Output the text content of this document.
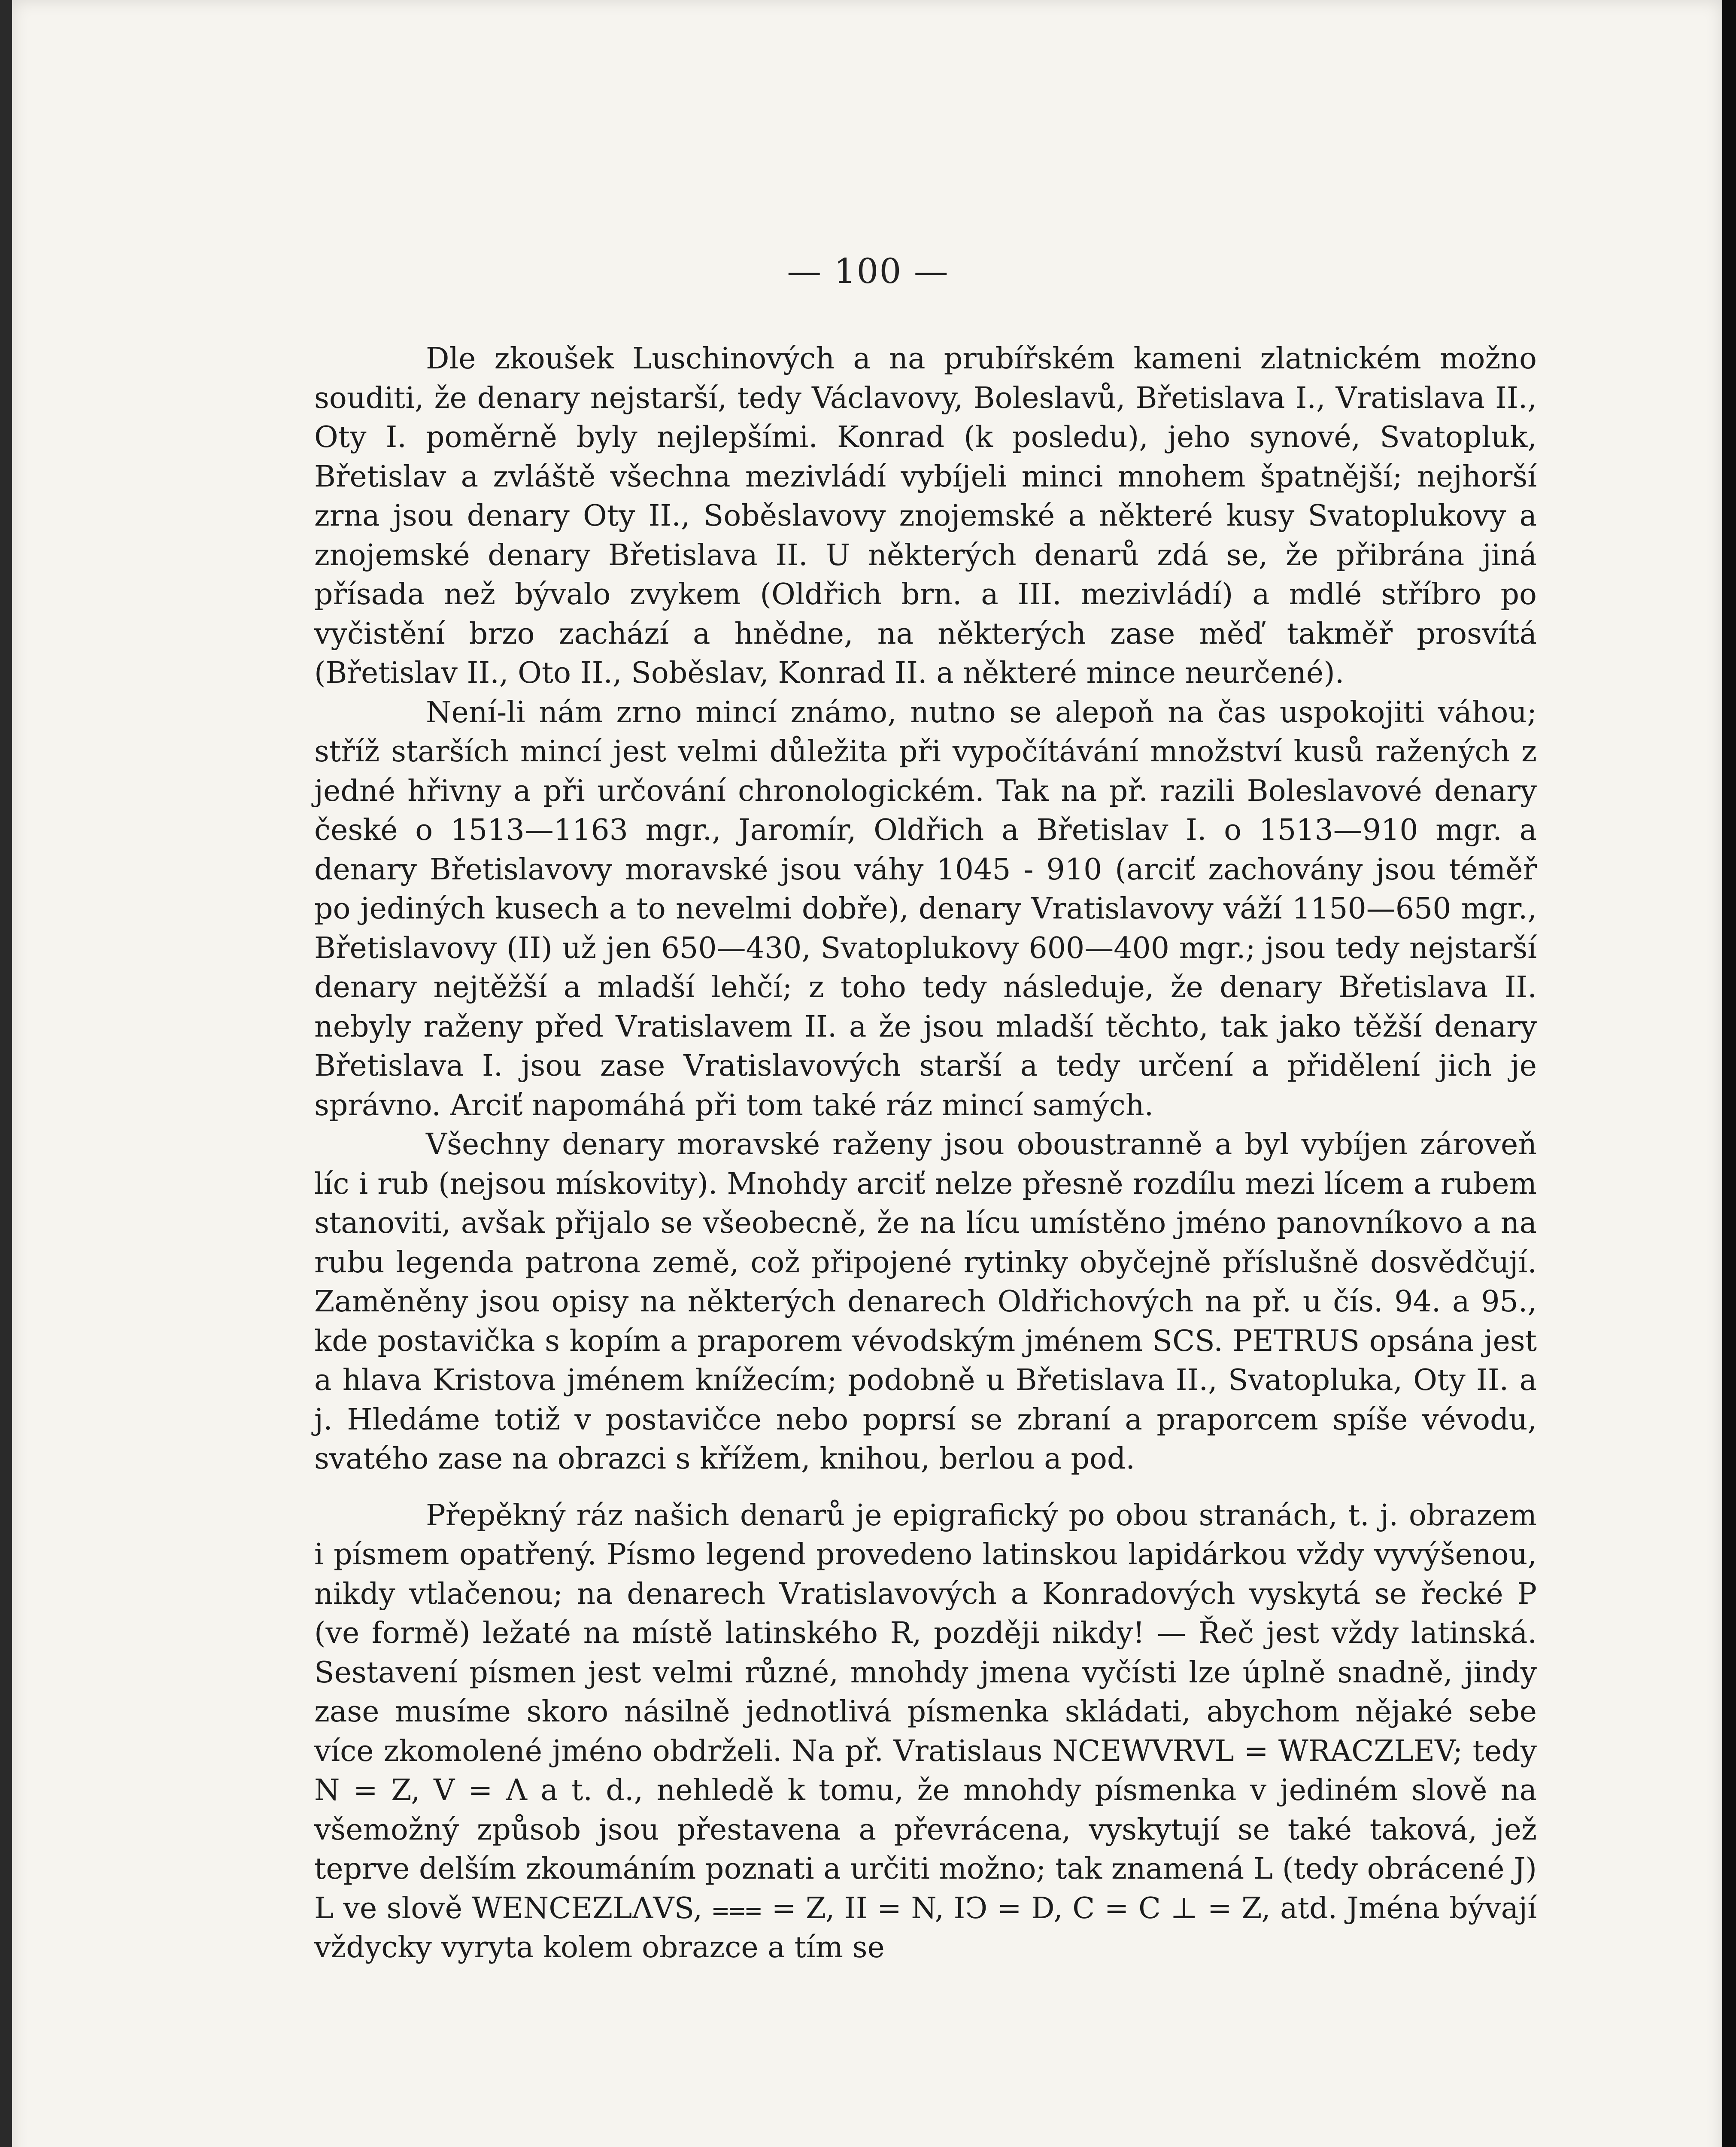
— 100 —

Dle zkoušek Luschinových a na prubířském kameni zlatnickém možno souditi, že denary nejstarší, tedy Václavovy, Boleslavů, Břetislava I., Vratislava II., Oty I. poměrně byly nejlepšími. Konrad (k posledu), jeho synové, Svatopluk, Břetislav a zvláště všechna mezivládí vybíjeli minci mnohem špatnější; nejhorší zrna jsou denary Oty II., Soběslavovy znojemské a některé kusy Svatoplukovy a znojemské denary Břetislava II. U některých denarů zdá se, že přibrána jiná přísada než bývalo zvykem (Oldřich brn. a III. mezivládí) a mdlé stříbro po vyčistění brzo zachází a hnědne, na některých zase měď takměř prosvítá (Břetislav II., Oto II., Soběslav, Konrad II. a některé mince neurčené).

Není-li nám zrno mincí známo, nutno se alepoň na čas uspokojiti váhou; stříž starších mincí jest velmi důležita při vypočítávání množství kusů ražených z jedné hřivny a při určování chronologickém. Tak na př. razili Boleslavové denary české o 1513—1163 mgr., Jaromír, Oldřich a Břetislav I. o 1513—910 mgr. a denary Břetislavovy moravské jsou váhy 1045 - 910 (arciť zachovány jsou téměř po jediných kusech a to nevelmi dobře), denary Vratislavovy váží 1150—650 mgr., Břetislavovy (II) už jen 650—430, Svatoplukovy 600—400 mgr.; jsou tedy nejstarší denary nejtěžší a mladší lehčí; z toho tedy následuje, že denary Břetislava II. nebyly raženy před Vratislavem II. a že jsou mladší těchto, tak jako těžší denary Břetislava I. jsou zase Vratislavových starší a tedy určení a přidělení jich je správno. Arciť napomáhá při tom také ráz mincí samých.

Všechny denary moravské raženy jsou oboustranně a byl vybíjen zároveň líc i rub (nejsou mískovity). Mnohdy arciť nelze přesně rozdílu mezi lícem a rubem stanoviti, avšak přijalo se všeobecně, že na lícu umístěno jméno panovníkovo a na rubu legenda patrona země, což připojené rytinky obyčejně příslušně dosvědčují. Zaměněny jsou opisy na některých denarech Oldřichových na př. u čís. 94. a 95., kde postavička s kopím a praporem vévodským jménem SCS. PETRUS opsána jest a hlava Kristova jménem knížecím; podobně u Břetislava II., Svatopluka, Oty II. a j. Hledáme totiž v postavičce nebo poprsí se zbraní a praporcem spíše vévodu, svatého zase na obrazci s křížem, knihou, berlou a pod.

Přepěkný ráz našich denarů je epigrafický po obou stranách, t. j. obrazem i písmem opatřený. Písmo legend provedeno latinskou lapidárkou vždy vyvýšenou, nikdy vtlačenou; na denarech Vratislavových a Konradových vyskytá se řecké P (ve formě) ležaté na místě latinského R, později nikdy! — Řeč jest vždy latinská. Sestavení písmen jest velmi různé, mnohdy jmena vyčísti lze úplně snadně, jindy zase musíme skoro násilně jednotlivá písmenka skládati, abychom nějaké sebe více zkomolené jméno obdrželi. Na př. Vratislaus NCEWVRVL = WRACZLEV; tedy N = Z, V = Λ a t. d., nehledě k tomu, že mnohdy písmenka v jediném slově na všemožný způsob jsou přestavena a převrácena, vyskytují se také taková, jež teprve delším zkoumáním poznati a určiti možno; tak znamená Ⅼ (tedy obrácené J) L ve slově WENCEZLΛVS, ⩶ = Z, II = N, IↃ = D, C = C ⊥ = Z, atd. Jména bývají vždycky vyryta kolem obrazce a tím se
